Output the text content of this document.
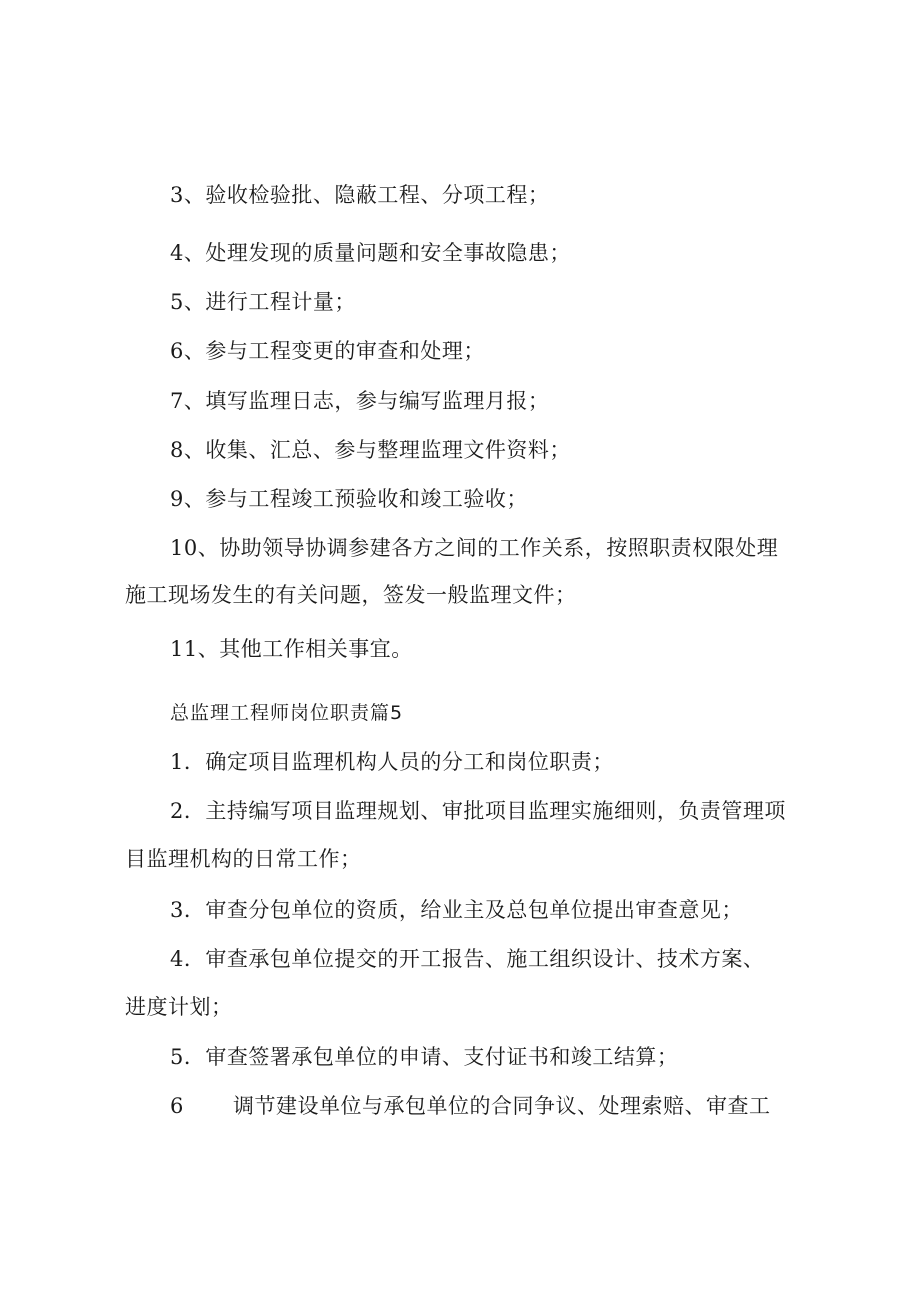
3、验收检验批、隐蔽工程、分项工程；
4、处理发现的质量问题和安全事故隐患；
5、进行工程计量；
6、参与工程变更的审查和处理；
7、填写监理日志，参与编写监理月报；
8、收集、汇总、参与整理监理文件资料；
9、参与工程竣工预验收和竣工验收；
10、协助领导协调参建各方之间的工作关系，按照职责权限处理
施工现场发生的有关问题，签发一般监理文件；
11、其他工作相关事宜。
总监理工程师岗位职责篇5
1．确定项目监理机构人员的分工和岗位职责；
2．主持编写项目监理规划、审批项目监理实施细则，负责管理项
目监理机构的日常工作；
3．审查分包单位的资质，给业主及总包单位提出审查意见；
4．审查承包单位提交的开工报告、施工组织设计、技术方案、
进度计划；
5．审查签署承包单位的申请、支付证书和竣工结算；
6 调节建设单位与承包单位的合同争议、处理索赔、审查工
